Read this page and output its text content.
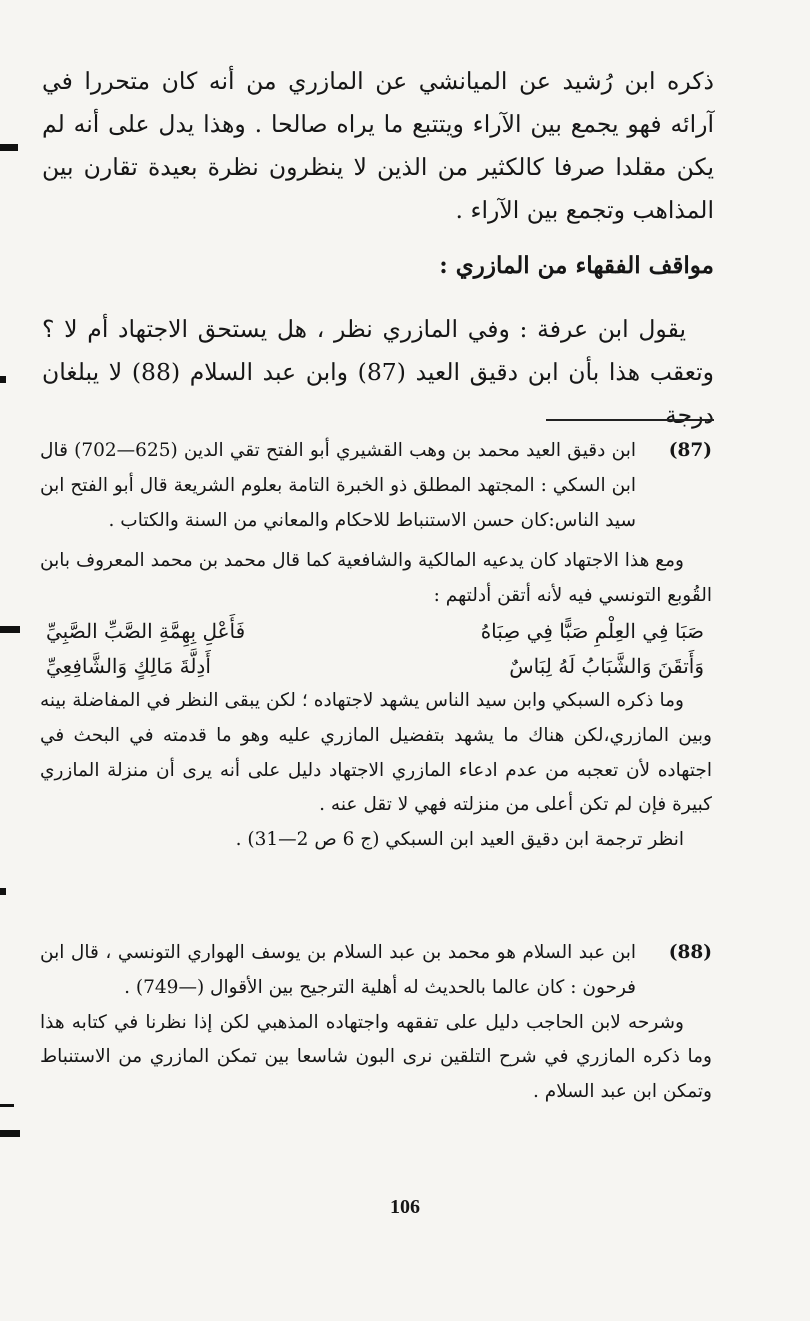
ذكره ابن رُشيد عن الميانشي عن المازري من أنه كان متحررا في آرائه فهو يجمع بين الآراء ويتتبع ما يراه صالحا . وهذا يدل على أنه لم يكن مقلدا صرفا كالكثير من الذين لا ينظرون نظرة بعيدة تقارن بين المذاهب وتجمع بين الآراء .

مواقف الفقهاء من المازري :

يقول ابن عرفة : وفي المازري نظر ، هل يستحق الاجتهاد أم لا ؟ وتعقب هذا بأن ابن دقيق العيد (87) وابن عبد السلام (88) لا يبلغان درجة

(87)

ابن دقيق العيد محمد بن وهب القشيري أبو الفتح تقي الدين (625—702) قال ابن السكي : المجتهد المطلق ذو الخبرة التامة بعلوم الشريعة قال أبو الفتح ابن سيد الناس:كان حسن الاستنباط للاحكام والمعاني من السنة والكتاب .

ومع هذا الاجتهاد كان يدعيه المالكية والشافعية كما قال محمد بن محمد المعروف بابن القُوبع التونسي فيه لأنه أتقن أدلتهم :

صَبَا فِي العِلْمِ صَبًّا فِي صِبَاهُ
فَأَعْلِ بِهِمَّةِ الصَّبِّ الصَّبِيِّ
وَأَتقَنَ وَالشَّبَابُ لَهُ لِبَاسٌ
أَدِلَّةَ مَالِكٍ وَالشَّافِعِيِّ

وما ذكره السبكي وابن سيد الناس يشهد لاجتهاده ؛ لكن يبقى النظر في المفاضلة بينه وبين المازري،لكن هناك ما يشهد بتفضيل المازري عليه وهو ما قدمته في البحث في اجتهاده لأن تعجبه من عدم ادعاء المازري الاجتهاد دليل على أنه يرى أن منزلة المازري كبيرة فإن لم تكن أعلى من منزلته فهي لا تقل عنه .

انظر ترجمة ابن دقيق العيد ابن السبكي (ج 6 ص 2—31) .

(88)

ابن عبد السلام هو محمد بن عبد السلام بن يوسف الهواري التونسي ، قال ابن فرحون : كان عالما بالحديث له أهلية الترجيح بين الأقوال (—749) .

وشرحه لابن الحاجب دليل على تفقهه واجتهاده المذهبي لكن إذا نظرنا في كتابه هذا وما ذكره المازري في شرح التلقين نرى البون شاسعا بين تمكن المازري من الاستنباط وتمكن ابن عبد السلام .

106
